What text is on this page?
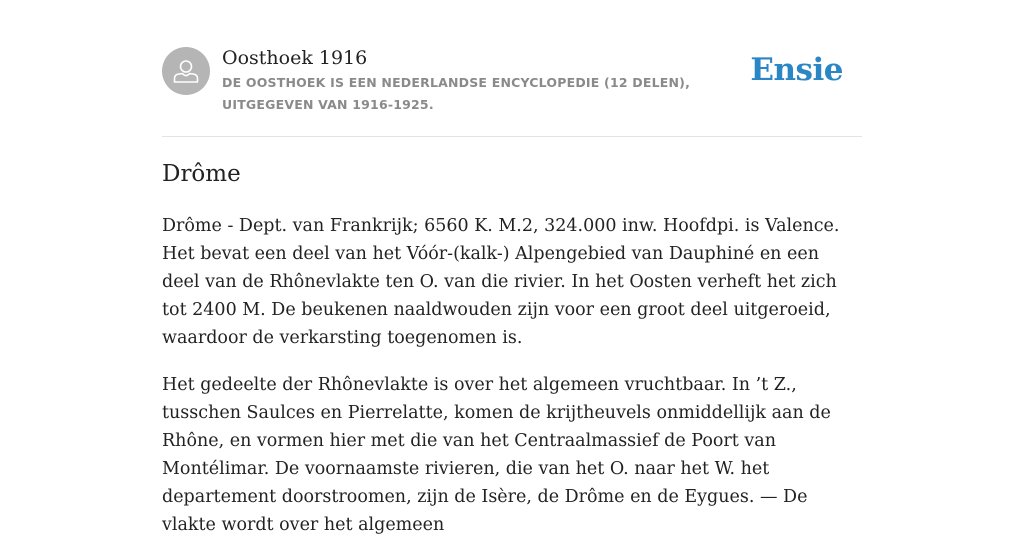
Oosthoek 1916
DE OOSTHOEK IS EEN NEDERLANDSE ENCYCLOPEDIE (12 DELEN), UITGEGEVEN VAN 1916-1925.
Ensie
Drôme

Drôme - Dept. van Frankrijk; 6560 K. M.2, 324.000 inw. Hoofdpi. is Valence. Het bevat een deel van het Vóór-(kalk-) Alpengebied van Dauphiné en een deel van de Rhônevlakte ten O. van die rivier. In het Oosten verheft het zich tot 2400 M. De beukenen naaldwouden zijn voor een groot deel uitgeroeid, waardoor de verkarsting toegenomen is.

Het gedeelte der Rhônevlakte is over het algemeen vruchtbaar. In ’t Z., tusschen Saulces en Pierrelatte, komen de krijtheuvels onmiddellijk aan de Rhône, en vormen hier met die van het Centraalmassief de Poort van Montélimar. De voornaamste rivieren, die van het O. naar het W. het departement doorstroomen, zijn de Isère, de Drôme en de Eygues. — De vlakte wordt over het algemeen
